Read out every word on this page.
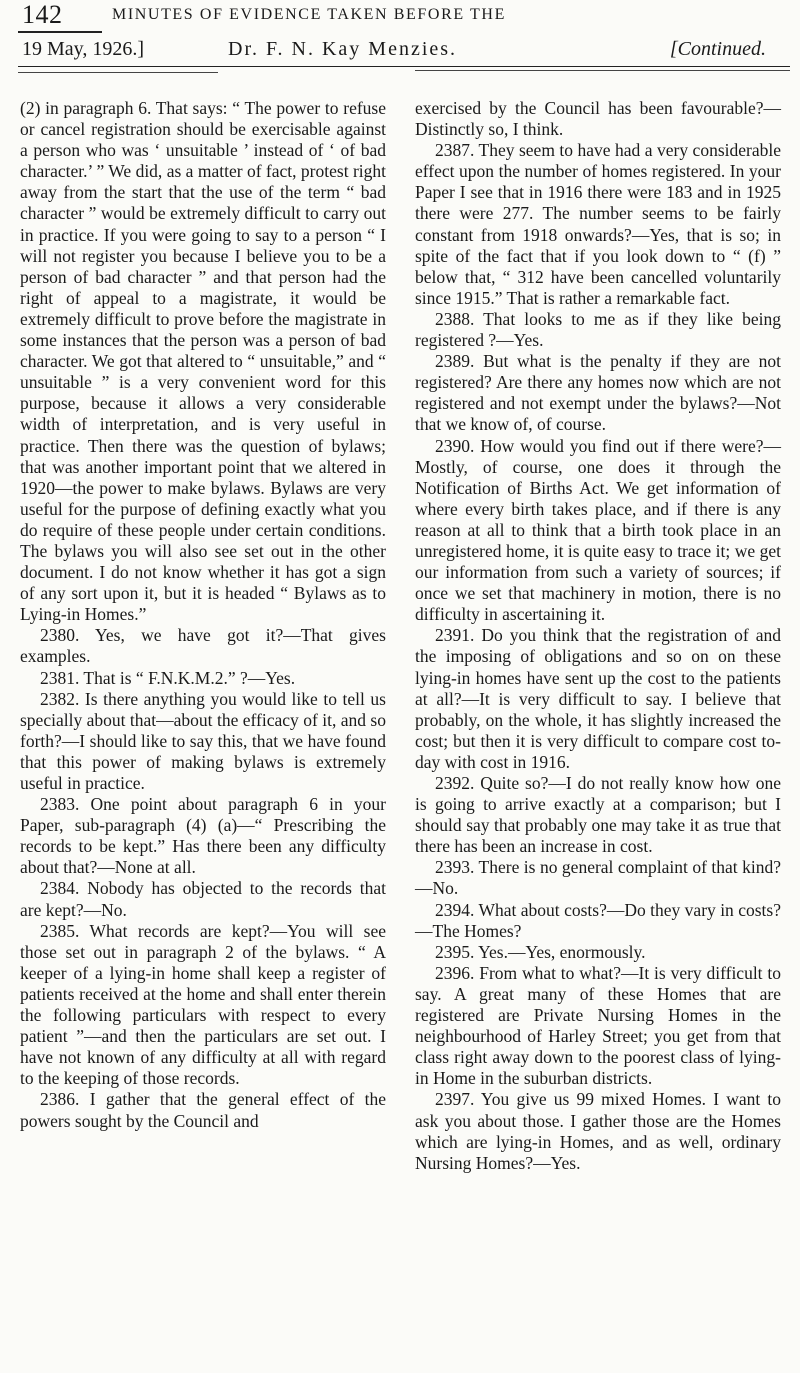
142	MINUTES OF EVIDENCE TAKEN BEFORE THE
19 May, 1926.]	Dr. F. N. Kay Menzies.	[Continued.

(2) in paragraph 6. That says: “ The power to refuse or cancel registration should be exercisable against a person who was ‘ unsuitable ’ instead of ‘ of bad character.’ ” We did, as a matter of fact, protest right away from the start that the use of the term “ bad character ” would be extremely difficult to carry out in practice. If you were going to say to a person “ I will not register you because I believe you to be a person of bad character ” and that person had the right of appeal to a magistrate, it would be extremely difficult to prove before the magistrate in some instances that the person was a person of bad character. We got that altered to “ unsuitable,” and “ unsuitable ” is a very convenient word for this purpose, because it allows a very considerable width of interpretation, and is very useful in practice. Then there was the question of bylaws; that was another important point that we altered in 1920—the power to make bylaws. Bylaws are very useful for the purpose of defining exactly what you do require of these people under certain conditions. The bylaws you will also see set out in the other document. I do not know whether it has got a sign of any sort upon it, but it is headed “ Bylaws as to Lying-in Homes.”

2380. Yes, we have got it?—That gives examples.

2381. That is “ F.N.K.M.2.” ?—Yes.

2382. Is there anything you would like to tell us specially about that—about the efficacy of it, and so forth?—I should like to say this, that we have found that this power of making bylaws is extremely useful in practice.

2383. One point about paragraph 6 in your Paper, sub-paragraph (4) (a)—“ Prescribing the records to be kept.” Has there been any difficulty about that?—None at all.

2384. Nobody has objected to the records that are kept?—No.

2385. What records are kept?—You will see those set out in paragraph 2 of the bylaws. “ A keeper of a lying-in home shall keep a register of patients received at the home and shall enter therein the following particulars with respect to every patient ”—and then the particulars are set out. I have not known of any difficulty at all with regard to the keeping of those records.

2386. I gather that the general effect of the powers sought by the Council and

exercised by the Council has been favourable?—Distinctly so, I think.

2387. They seem to have had a very considerable effect upon the number of homes registered. In your Paper I see that in 1916 there were 183 and in 1925 there were 277. The number seems to be fairly constant from 1918 onwards?—Yes, that is so; in spite of the fact that if you look down to “ (f) ” below that, “ 312 have been cancelled voluntarily since 1915.” That is rather a remarkable fact.

2388. That looks to me as if they like being registered ?—Yes.

2389. But what is the penalty if they are not registered? Are there any homes now which are not registered and not exempt under the bylaws?—Not that we know of, of course.

2390. How would you find out if there were?—Mostly, of course, one does it through the Notification of Births Act. We get information of where every birth takes place, and if there is any reason at all to think that a birth took place in an unregistered home, it is quite easy to trace it; we get our information from such a variety of sources; if once we set that machinery in motion, there is no difficulty in ascertaining it.

2391. Do you think that the registration of and the imposing of obligations and so on on these lying-in homes have sent up the cost to the patients at all?—It is very difficult to say. I believe that probably, on the whole, it has slightly increased the cost; but then it is very difficult to compare cost to-day with cost in 1916.

2392. Quite so?—I do not really know how one is going to arrive exactly at a comparison; but I should say that probably one may take it as true that there has been an increase in cost.

2393. There is no general complaint of that kind?—No.

2394. What about costs?—Do they vary in costs?—The Homes?

2395. Yes.—Yes, enormously.

2396. From what to what?—It is very difficult to say. A great many of these Homes that are registered are Private Nursing Homes in the neighbourhood of Harley Street; you get from that class right away down to the poorest class of lying-in Home in the suburban districts.

2397. You give us 99 mixed Homes. I want to ask you about those. I gather those are the Homes which are lying-in Homes, and as well, ordinary Nursing Homes?—Yes.
